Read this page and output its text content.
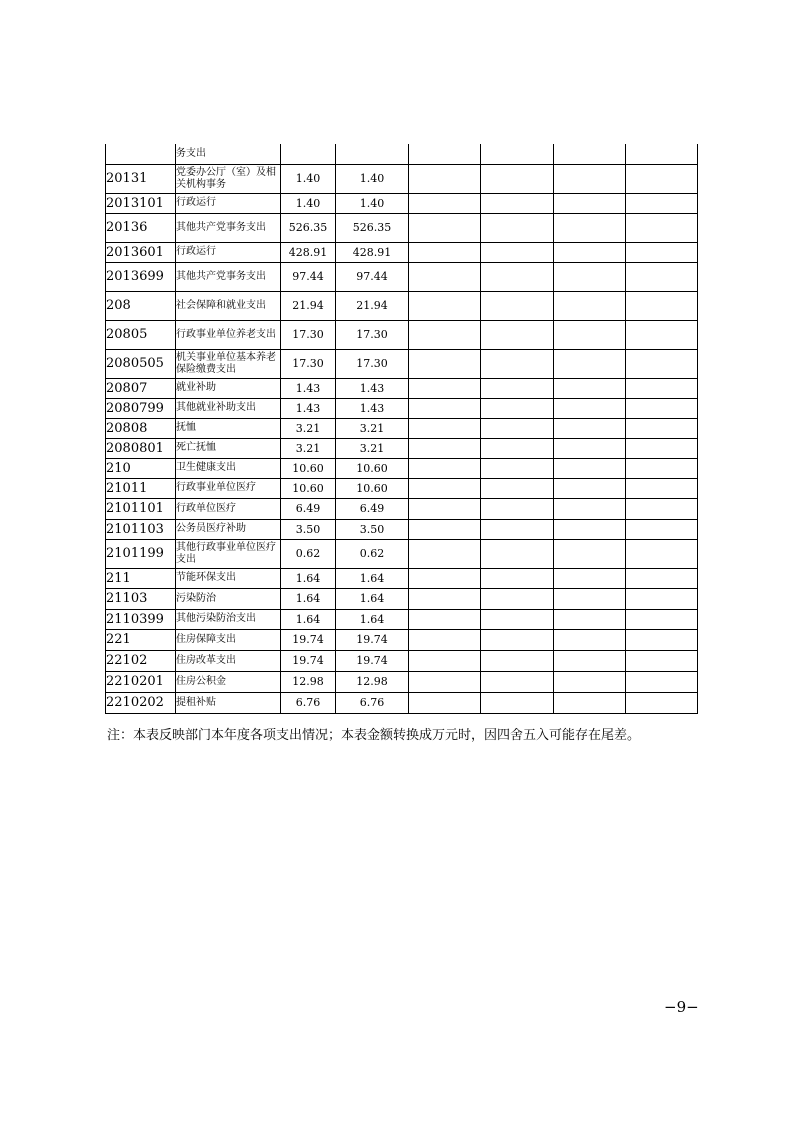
	务支出						
20131	党委办公厅（室）及相关机构事务	1.40	1.40				
2013101	行政运行	1.40	1.40				
20136	其他共产党事务支出	526.35	526.35				
2013601	行政运行	428.91	428.91				
2013699	其他共产党事务支出	97.44	97.44				
208	社会保障和就业支出	21.94	21.94				
20805	行政事业单位养老支出	17.30	17.30				
2080505	机关事业单位基本养老保险缴费支出	17.30	17.30				
20807	就业补助	1.43	1.43				
2080799	其他就业补助支出	1.43	1.43				
20808	抚恤	3.21	3.21				
2080801	死亡抚恤	3.21	3.21				
210	卫生健康支出	10.60	10.60				
21011	行政事业单位医疗	10.60	10.60				
2101101	行政单位医疗	6.49	6.49				
2101103	公务员医疗补助	3.50	3.50				
2101199	其他行政事业单位医疗支出	0.62	0.62				
211	节能环保支出	1.64	1.64				
21103	污染防治	1.64	1.64				
2110399	其他污染防治支出	1.64	1.64				
221	住房保障支出	19.74	19.74				
22102	住房改革支出	19.74	19.74				
2210201	住房公积金	12.98	12.98				
2210202	提租补贴	6.76	6.76				
注：本表反映部门本年度各项支出情况；本表金额转换成万元时，因四舍五入可能存在尾差。
−9−
